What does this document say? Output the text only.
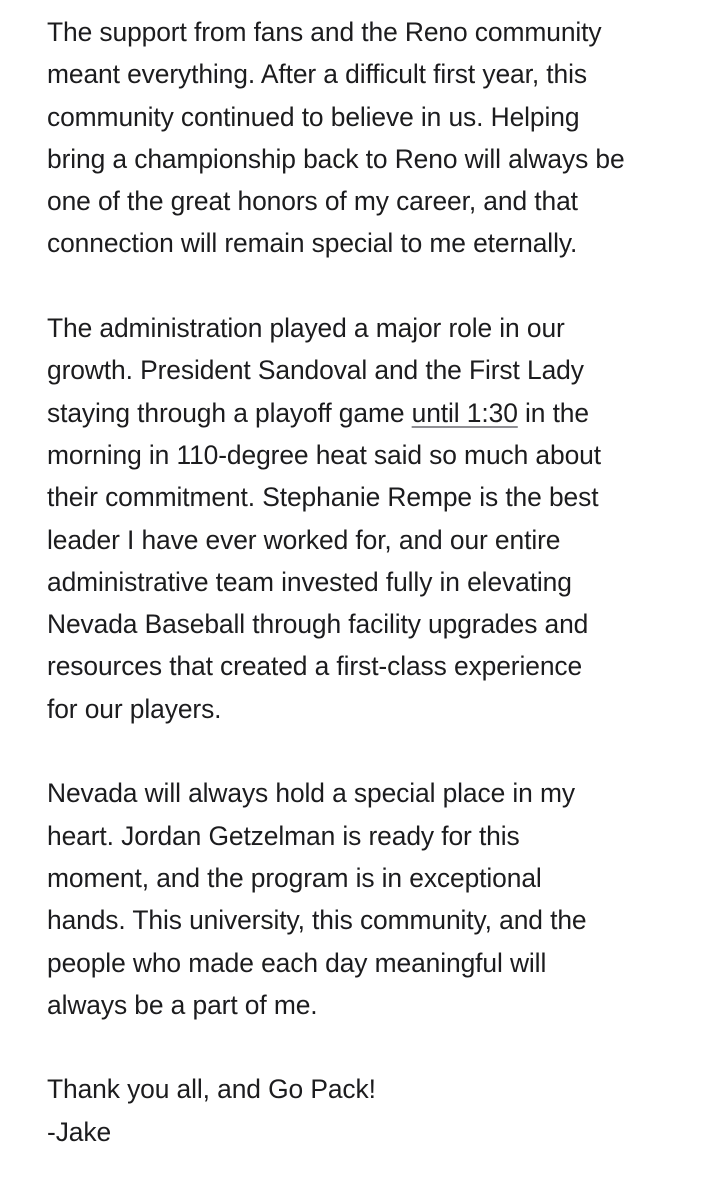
The support from fans and the Reno community
meant everything. After a difficult first year, this
community continued to believe in us. Helping
bring a championship back to Reno will always be
one of the great honors of my career, and that
connection will remain special to me eternally.
The administration played a major role in our
growth. President Sandoval and the First Lady
staying through a playoff game until 1:30 in the
morning in 110-degree heat said so much about
their commitment. Stephanie Rempe is the best
leader I have ever worked for, and our entire
administrative team invested fully in elevating
Nevada Baseball through facility upgrades and
resources that created a first-class experience
for our players.
Nevada will always hold a special place in my
heart. Jordan Getzelman is ready for this
moment, and the program is in exceptional
hands. This university, this community, and the
people who made each day meaningful will
always be a part of me.
Thank you all, and Go Pack!
-Jake
